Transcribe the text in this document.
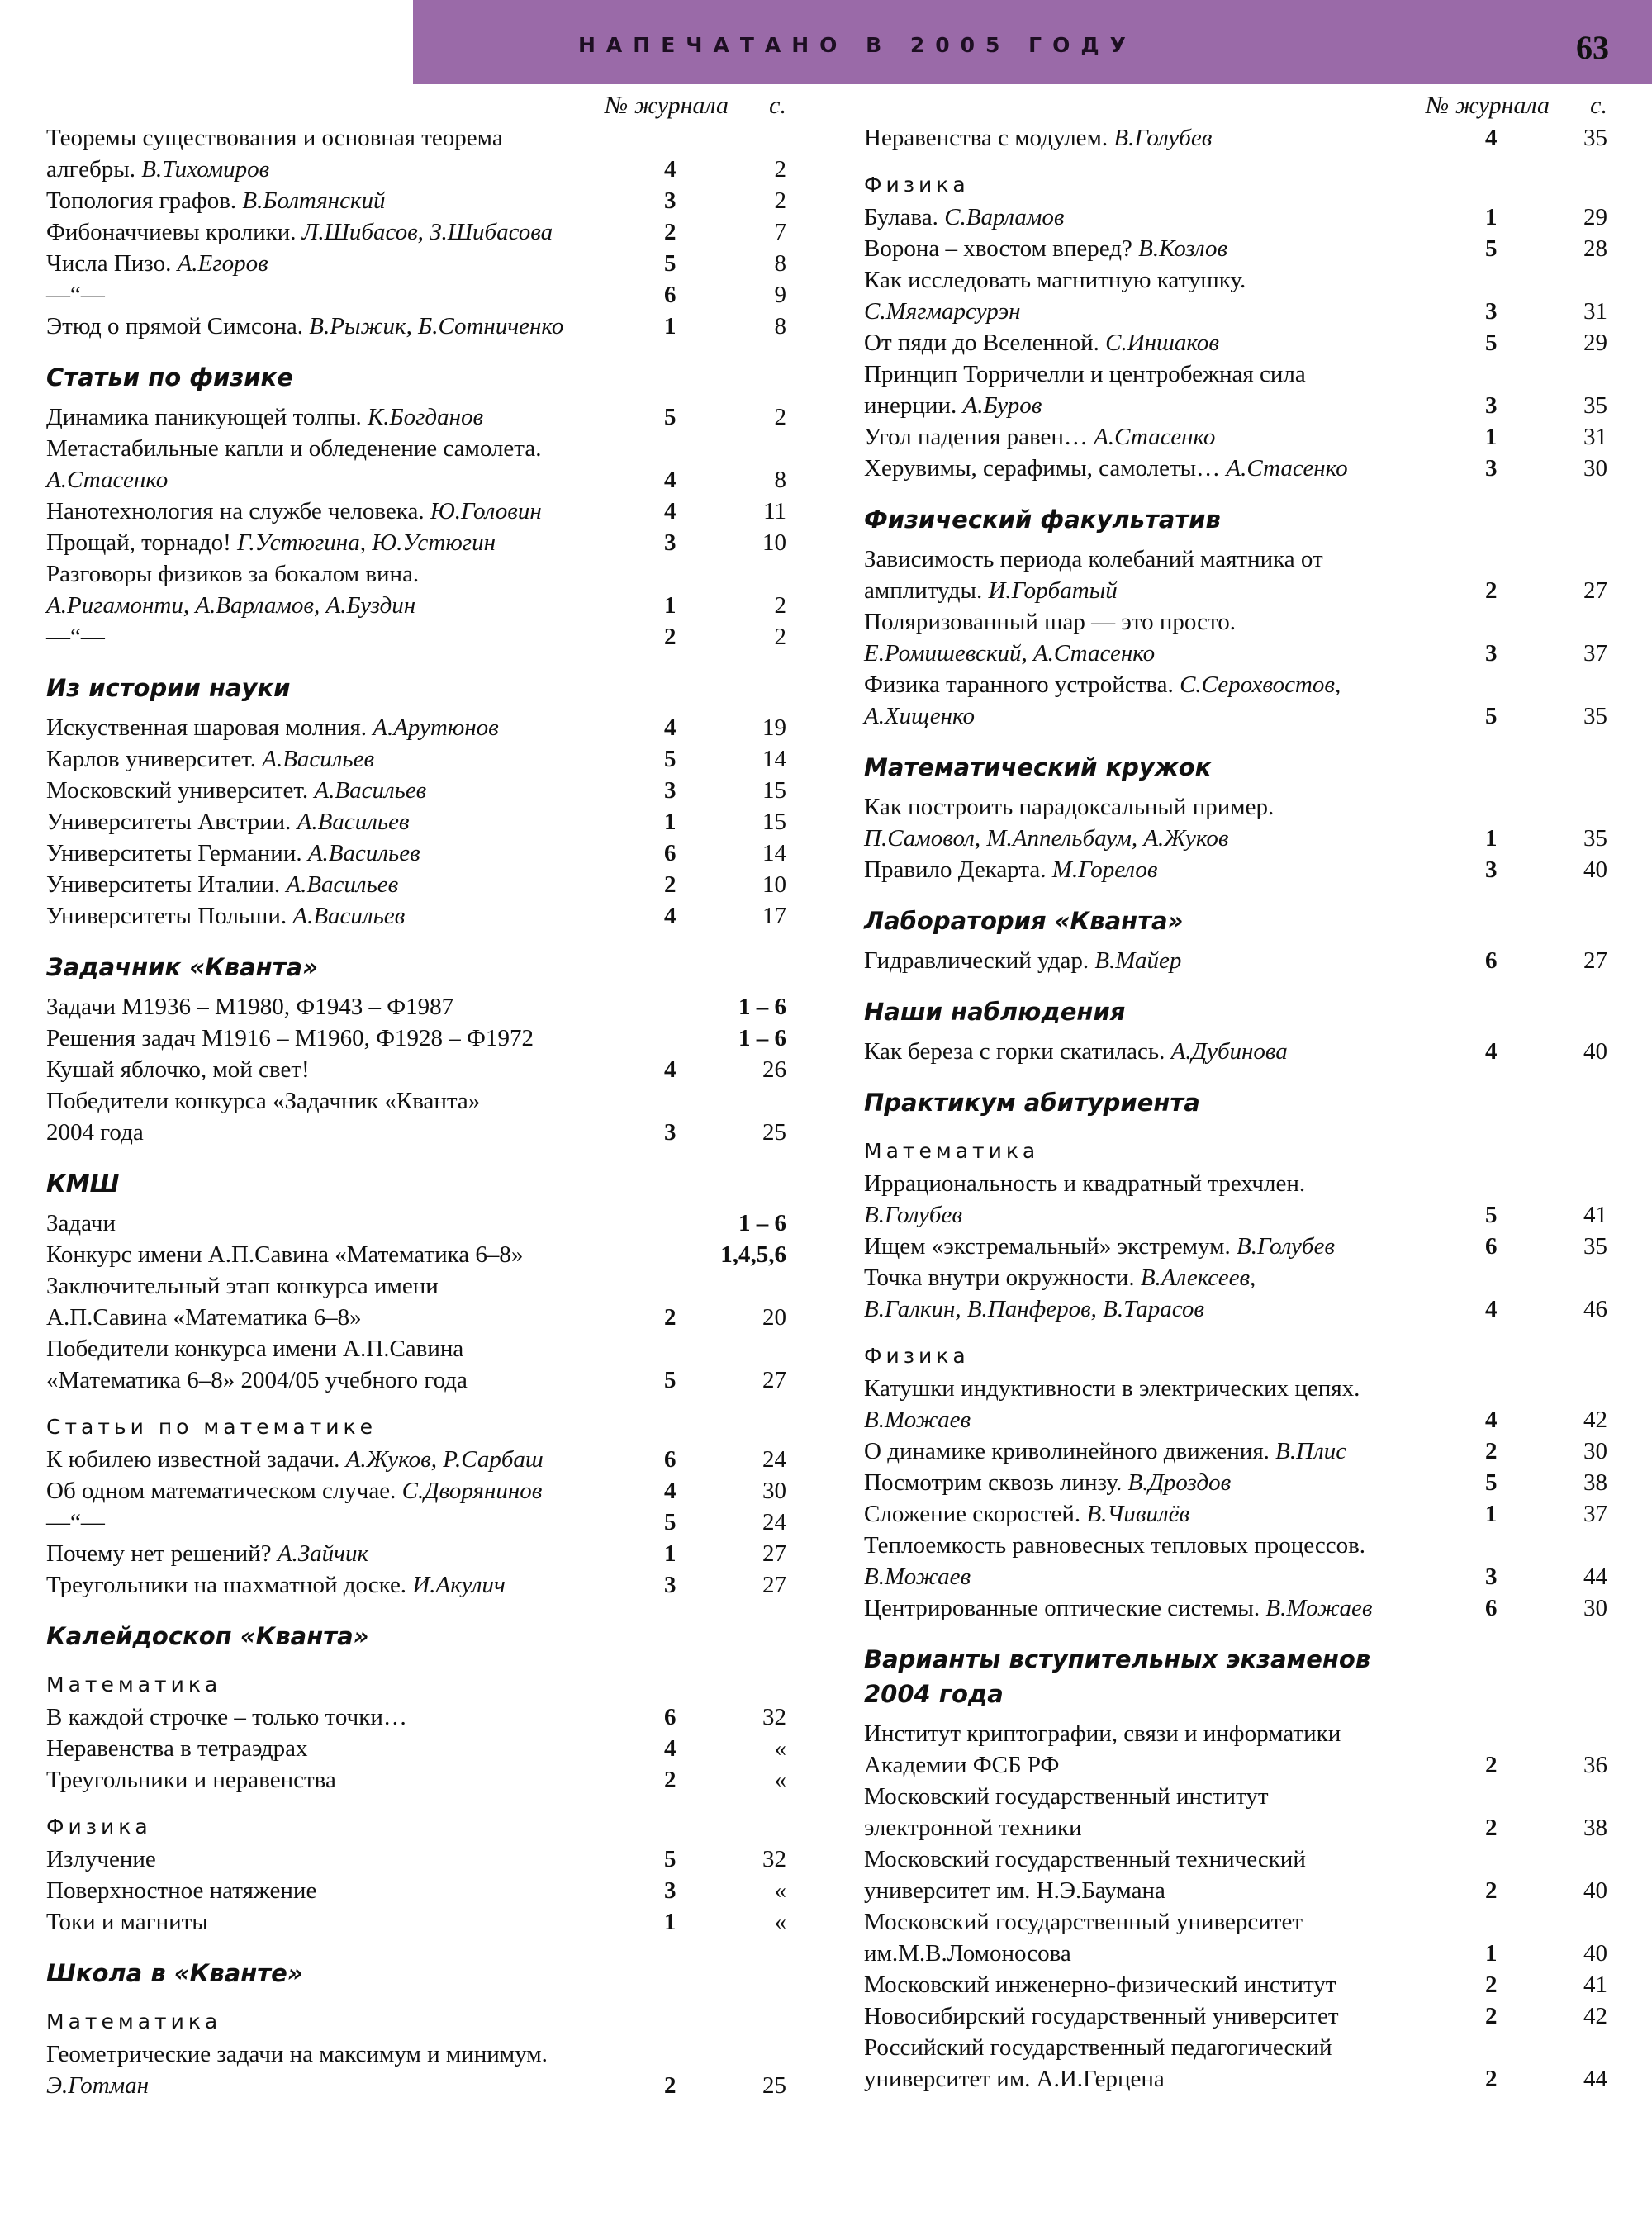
НАПЕЧАТАНО В 2005 ГОДУ	63
№ журнала	с.
Теоремы существования и основная теорема
алгебры. В.Тихомиров	4	2
Топология графов. В.Болтянский	3	2
Фибоначчиевы кролики. Л.Шибасов, З.Шибасова	2	7
Числа Пизо. А.Егоров	5	8
—“—	6	9
Этюд о прямой Симсона. В.Рыжик, Б.Сотниченко	1	8
Статьи по физике
Динамика паникующей толпы. К.Богданов	5	2
Метастабильные капли и обледенение самолета.
А.Стасенко	4	8
Нанотехнология на службе человека. Ю.Головин	4	11
Прощай, торнадо! Г.Устюгина, Ю.Устюгин	3	10
Разговоры физиков за бокалом вина.
А.Ригамонти, А.Варламов, А.Буздин	1	2
—“—	2	2
Из истории науки
Искуственная шаровая молния. А.Арутюнов	4	19
Карлов университет. А.Васильев	5	14
Московский университет. А.Васильев	3	15
Университеты Австрии. А.Васильев	1	15
Университеты Германии. А.Васильев	6	14
Университеты Италии. А.Васильев	2	10
Университеты Польши. А.Васильев	4	17
Задачник «Кванта»
Задачи М1936 – М1980, Ф1943 – Ф1987	1 – 6
Решения задач М1916 – М1960, Ф1928 – Ф1972	1 – 6
Кушай яблочко, мой свет!	4	26
Победители конкурса «Задачник «Кванта»
2004 года	3	25
КМШ
Задачи	1 – 6
Конкурс имени А.П.Савина «Математика 6–8»	1,4,5,6
Заключительный этап конкурса имени
А.П.Савина «Математика 6–8»	2	20
Победители конкурса имени А.П.Савина
«Математика 6–8» 2004/05 учебного года	5	27
Статьи по математике
К юбилею известной задачи. А.Жуков, Р.Сарбаш	6	24
Об одном математическом случае. С.Дворянинов	4	30
—“—	5	24
Почему нет решений? А.Зайчик	1	27
Треугольники на шахматной доске. И.Акулич	3	27
Калейдоскоп «Кванта»
Математика
В каждой строчке – только точки…	6	32
Неравенства в тетраэдрах	4	«
Треугольники и неравенства	2	«
Физика
Излучение	5	32
Поверхностное натяжение	3	«
Токи и магниты	1	«
Школа в «Кванте»
Математика
Геометрические задачи на максимум и минимум.
Э.Готман	2	25
№ журнала	с.
Неравенства с модулем. В.Голубев	4	35
Физика
Булава. С.Варламов	1	29
Ворона – хвостом вперед? В.Козлов	5	28
Как исследовать магнитную катушку.
С.Мягмарсурэн	3	31
От пяди до Вселенной. С.Иншаков	5	29
Принцип Торричелли и центробежная сила
инерции. А.Буров	3	35
Угол падения равен… А.Стасенко	1	31
Херувимы, серафимы, самолеты… А.Стасенко	3	30
Физический факультатив
Зависимость периода колебаний маятника от
амплитуды. И.Горбатый	2	27
Поляризованный шар — это просто.
Е.Ромишевский, А.Стасенко	3	37
Физика таранного устройства. С.Серохвостов,
А.Хищенко	5	35
Математический кружок
Как построить парадоксальный пример.
П.Самовол, М.Аппельбаум, А.Жуков	1	35
Правило Декарта. М.Горелов	3	40
Лаборатория «Кванта»
Гидравлический удар. В.Майер	6	27
Наши наблюдения
Как береза с горки скатилась. А.Дубинова	4	40
Практикум абитуриента
Математика
Иррациональность и квадратный трехчлен.
В.Голубев	5	41
Ищем «экстремальный» экстремум. В.Голубев	6	35
Точка внутри окружности. В.Алексеев,
В.Галкин, В.Панферов, В.Тарасов	4	46
Физика
Катушки индуктивности в электрических цепях.
В.Можаев	4	42
О динамике криволинейного движения. В.Плис	2	30
Посмотрим сквозь линзу. В.Дроздов	5	38
Сложение скоростей. В.Чивилёв	1	37
Теплоемкость равновесных тепловых процессов.
В.Можаев	3	44
Центрированные оптические системы. В.Можаев	6	30
Варианты вступительных экзаменов
2004 года
Институт криптографии, связи и информатики
Академии ФСБ РФ	2	36
Московский государственный институт
электронной техники	2	38
Московский государственный технический
университет им. Н.Э.Баумана	2	40
Московский государственный университет
им.М.В.Ломоносова	1	40
Московский инженерно-физический институт	2	41
Новосибирский государственный университет	2	42
Российский государственный педагогический
университет им. А.И.Герцена	2	44
